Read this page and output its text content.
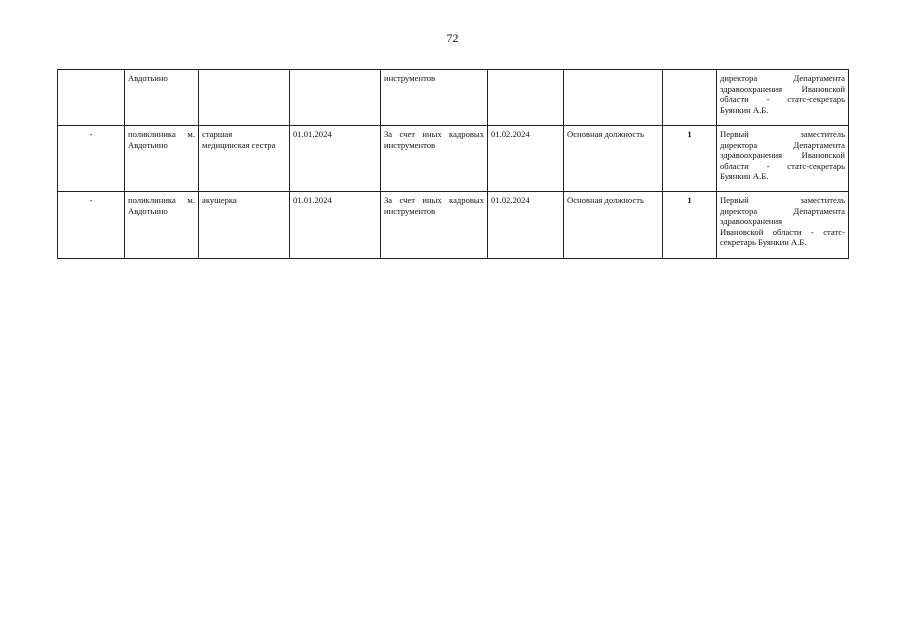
72
	Авдотьино			инструментов				директора Департамента
здравоохранения Ивановской
области - статс-секретарь
Буянкин А.Б.

-	поликлиника м.
Авдотьино	старшая
медицинская сестра	01.01.2024	За счет иных кадровых
инструментов	01.02.2024	Основная должность	1	Первый заместитель
директора Департамента
здравоохранения Ивановской
области - статс-секретарь
Буянкин А.Б.

-	поликлиника м.
Авдотьино	акушерка	01.01.2024	За счет иных кадровых
инструментов	01.02.2024	Основная должность	1	Первый заместитель
директора Департамента
здравоохранения
Ивановской области - статс-
секретарь Буянкин А.Б.
